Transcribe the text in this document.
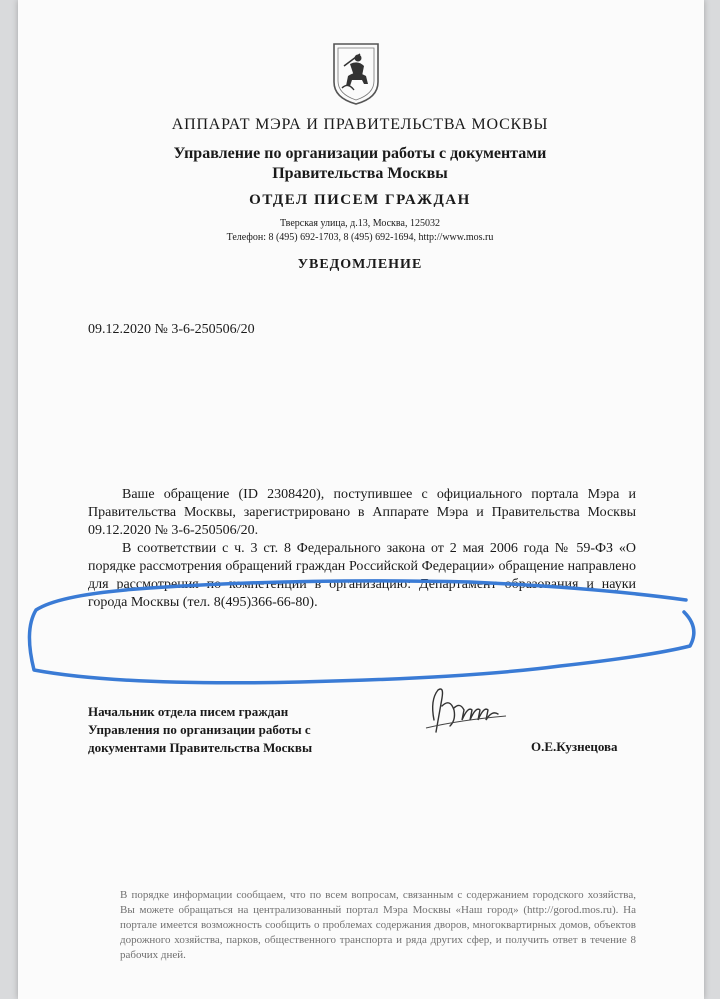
АППАРАТ МЭРА И ПРАВИТЕЛЬСТВА МОСКВЫ
Управление по организации работы с документами
Правительства Москвы
ОТДЕЛ ПИСЕМ ГРАЖДАН
Тверская улица, д.13, Москва, 125032
Телефон: 8 (495) 692-1703, 8 (495) 692-1694, http://www.mos.ru
УВЕДОМЛЕНИЕ
09.12.2020 № 3-6-250506/20

Ваше обращение (ID 2308420), поступившее с официального портала Мэра и Правительства Москвы, зарегистрировано в Аппарате Мэра и Правительства Москвы 09.12.2020 № 3-6-250506/20.

В соответствии с ч. 3 ст. 8 Федерального закона от 2 мая 2006 года № 59-ФЗ «О порядке рассмотрения обращений граждан Российской Федерации» обращение направлено для рассмотрения по компетенции в организацию: Департамент образования и науки города Москвы (тел. 8(495)366-66-80).

Начальник отдела писем граждан
Управления по организации работы с
документами Правительства Москвы	О.Е.Кузнецова

В порядке информации сообщаем, что по всем вопросам, связанным с содержанием городского хозяйства, Вы можете обращаться на централизованный портал Мэра Москвы «Наш город» (http://gorod.mos.ru). На портале имеется возможность сообщить о проблемах содержания дворов, многоквартирных домов, объектов дорожного хозяйства, парков, общественного транспорта и ряда других сфер, и получить ответ в течение 8 рабочих дней.
